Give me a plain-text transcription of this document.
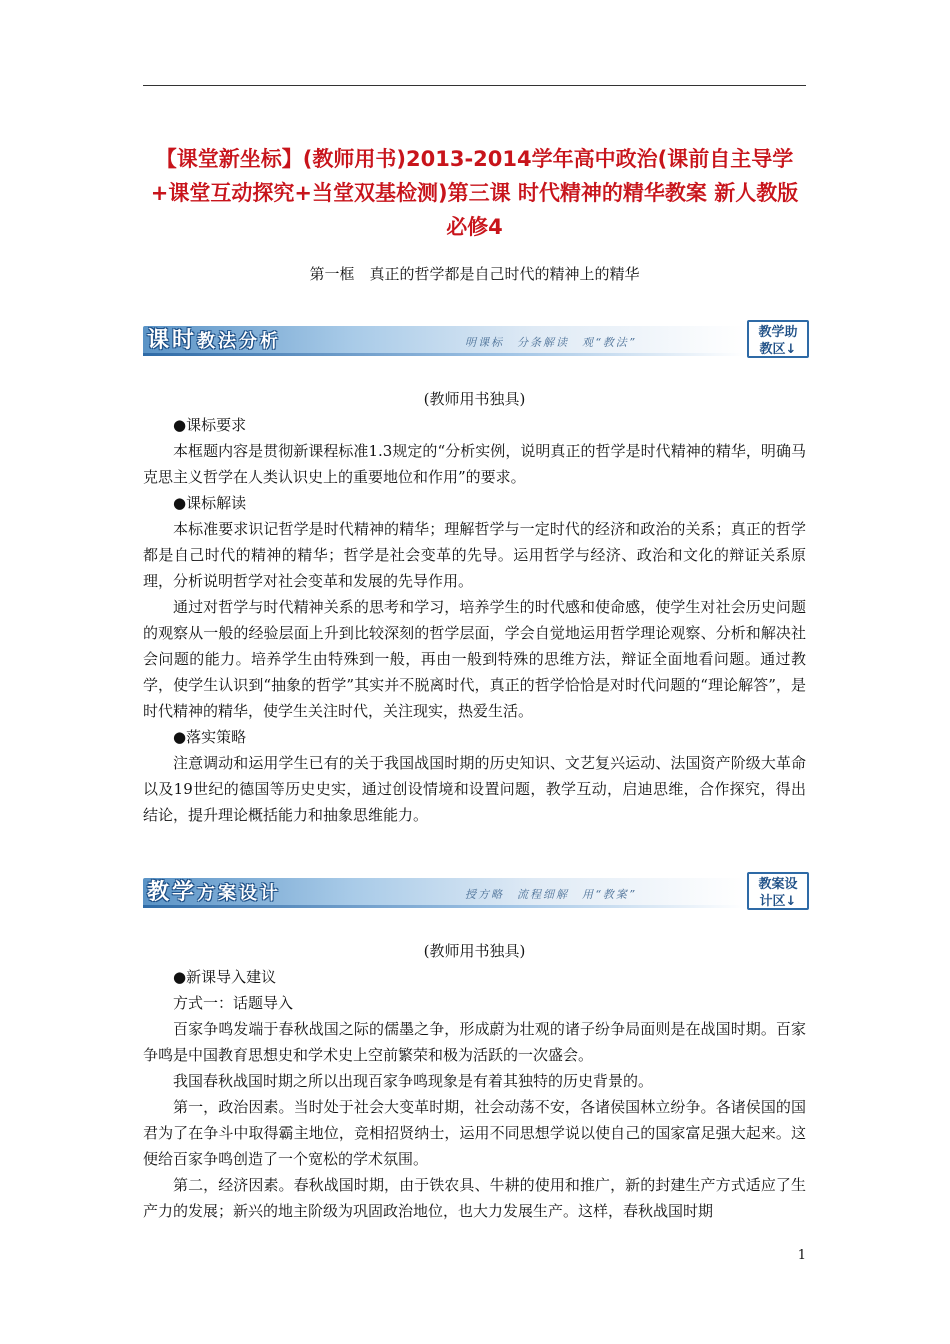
【课堂新坐标】(教师用书)2013-2014学年高中政治(课前自主导学+课堂互动探究+当堂双基检测)第三课 时代精神的精华教案 新人教版必修4
第一框　真正的哲学都是自己时代的精神上的精华
课时教法分析	明课标　分条解读　观“教法”
教学助
教区↓

(教师用书独具)

●课标要求

本框题内容是贯彻新课程标准1.3规定的“分析实例，说明真正的哲学是时代精神的精华，明确马克思主义哲学在人类认识史上的重要地位和作用”的要求。

●课标解读

本标准要求识记哲学是时代精神的精华；理解哲学与一定时代的经济和政治的关系；真正的哲学都是自己时代的精神的精华；哲学是社会变革的先导。运用哲学与经济、政治和文化的辩证关系原理，分析说明哲学对社会变革和发展的先导作用。

通过对哲学与时代精神关系的思考和学习，培养学生的时代感和使命感，使学生对社会历史问题的观察从一般的经验层面上升到比较深刻的哲学层面，学会自觉地运用哲学理论观察、分析和解决社会问题的能力。培养学生由特殊到一般，再由一般到特殊的思维方法，辩证全面地看问题。通过教学，使学生认识到“抽象的哲学”其实并不脱离时代，真正的哲学恰恰是对时代问题的“理论解答”，是时代精神的精华，使学生关注时代，关注现实，热爱生活。

●落实策略

注意调动和运用学生已有的关于我国战国时期的历史知识、文艺复兴运动、法国资产阶级大革命以及19世纪的德国等历史史实，通过创设情境和设置问题，教学互动，启迪思维，合作探究，得出结论，提升理论概括能力和抽象思维能力。

教学方案设计	授方略　流程细解　用“教案”
教案设
计区↓

(教师用书独具)

●新课导入建议

方式一：话题导入

百家争鸣发端于春秋战国之际的儒墨之争，形成蔚为壮观的诸子纷争局面则是在战国时期。百家争鸣是中国教育思想史和学术史上空前繁荣和极为活跃的一次盛会。

我国春秋战国时期之所以出现百家争鸣现象是有着其独特的历史背景的。

第一，政治因素。当时处于社会大变革时期，社会动荡不安，各诸侯国林立纷争。各诸侯国的国君为了在争斗中取得霸主地位，竞相招贤纳士，运用不同思想学说以使自己的国家富足强大起来。这便给百家争鸣创造了一个宽松的学术氛围。

第二，经济因素。春秋战国时期，由于铁农具、牛耕的使用和推广，新的封建生产方式适应了生产力的发展；新兴的地主阶级为巩固政治地位，也大力发展生产。这样，春秋战国时期

1
